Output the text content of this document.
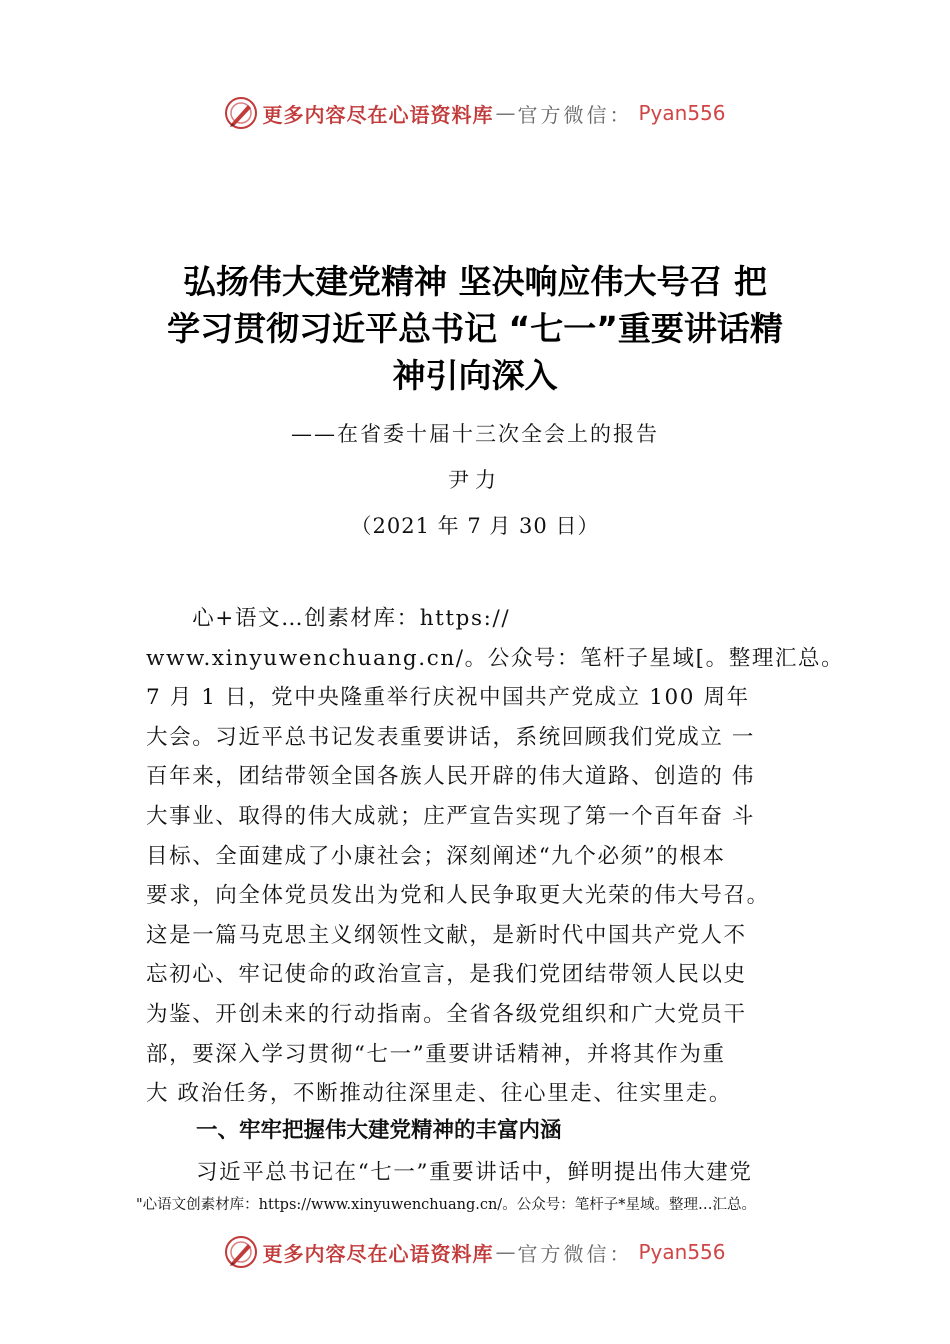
更多内容尽在心语资料库 — 官方微信： Pyan556
弘扬伟大建党精神 坚决响应伟大号召 把
学习贯彻习近平总书记 “七一”重要讲话精
神引向深入
——在省委十届十三次全会上的报告
尹力
（2021 年 7 月 30 日）
　　心+语文…创素材库：https://
www.xinyuwenchuang.cn/。公众号：笔杆子星域[。整理汇总。
7 月 1 日，党中央隆重举行庆祝中国共产党成立 100 周年
大会。习近平总书记发表重要讲话，系统回顾我们党成立 一
百年来，团结带领全国各族人民开辟的伟大道路、创造的 伟
大事业、取得的伟大成就；庄严宣告实现了第一个百年奋 斗
目标、全面建成了小康社会；深刻阐述“九个必须”的根本
要求，向全体党员发出为党和人民争取更大光荣的伟大号召。
这是一篇马克思主义纲领性文献，是新时代中国共产党人不
忘初心、牢记使命的政治宣言，是我们党团结带领人民以史
为鉴、开创未来的行动指南。全省各级党组织和广大党员干
部，要深入学习贯彻“七一”重要讲话精神，并将其作为重
大 政治任务，不断推动往深里走、往心里走、往实里走。
一、牢牢把握伟大建党精神的丰富内涵
习近平总书记在“七一”重要讲话中，鲜明提出伟大建党
"心语文创素材库：https://www.xinyuwenchuang.cn/。公众号：笔杆子*星域。整理…汇总。
更多内容尽在心语资料库 — 官方微信： Pyan556
